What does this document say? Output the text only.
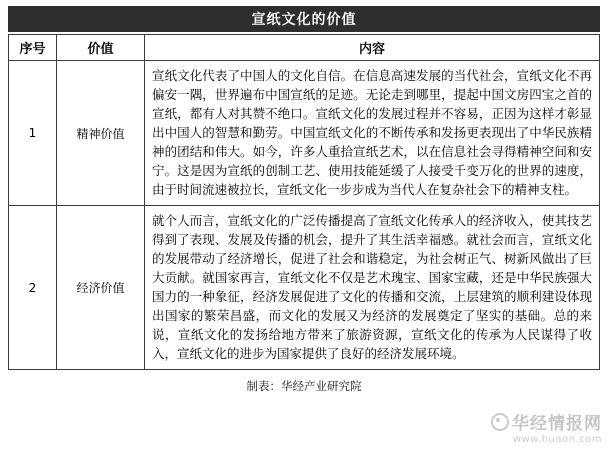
宣纸文化的价值
序号	价值	内容
1	精神价值	宣纸文化代表了中国人的文化自信。在信息高速发展的当代社会，宣纸文化不再偏安一隅，世界遍布中国宣纸的足迹。无论走到哪里，提起中国文房四宝之首的宣纸，都有人对其赞不绝口。宣纸文化的发展过程并不容易，正因为这样才彰显出中国人的智慧和勤劳。中国宣纸文化的不断传承和发扬更表现出了中华民族精神的团结和伟大。如今，许多人重拾宣纸艺术，以在信息社会寻得精神空间和安宁。这是因为宣纸的创制工艺、使用技能延缓了人接受千变万化的世界的速度，由于时间流速被拉长，宣纸文化一步步成为当代人在复杂社会下的精神支柱。
2	经济价值	就个人而言，宣纸文化的广泛传播提高了宣纸文化传承人的经济收入，使其技艺得到了表现、发展及传播的机会，提升了其生活幸福感。就社会而言，宣纸文化的发展带动了经济增长，促进了社会和谐稳定，为社会树正气、树新风做出了巨大贡献。就国家再言，宣纸文化不仅是艺术瑰宝、国家宝藏，还是中华民族强大国力的一种象征，经济发展促进了文化的传播和交流，上层建筑的顺利建设体现出国家的繁荣昌盛，而文化的发展又为经济的发展奠定了坚实的基础。总的来说，宣纸文化的发扬给地方带来了旅游资源，宣纸文化的传承为人民谋得了收入，宣纸文化的进步为国家提供了良好的经济发展环境。
制表：华经产业研究院
华经情报网
www.huaon.com
